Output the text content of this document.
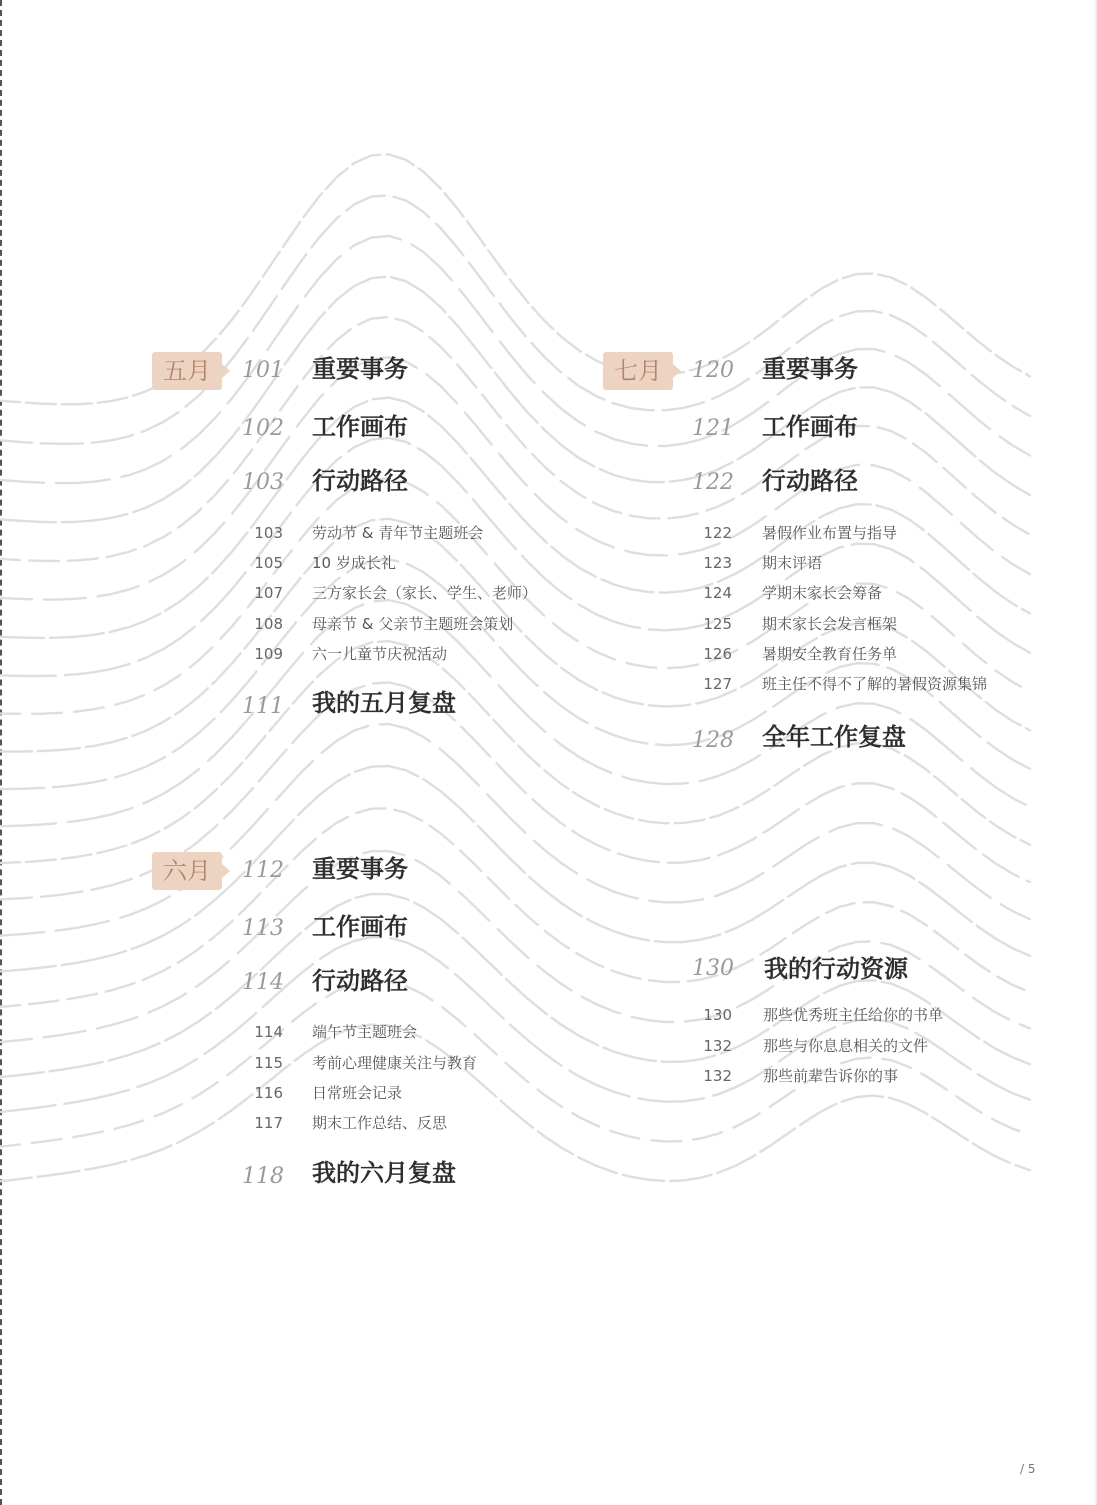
五月	101 重要事务
102 工作画布
103 行动路径
103 劳动节 & 青年节主题班会
105 10 岁成长礼
107 三方家长会（家长、学生、老师）
108 母亲节 & 父亲节主题班会策划
109 六一儿童节庆祝活动
111 我的五月复盘
六月	112 重要事务
113 工作画布
114 行动路径
114 端午节主题班会
115 考前心理健康关注与教育
116 日常班会记录
117 期末工作总结、反思
118 我的六月复盘
七月	120 重要事务
121 工作画布
122 行动路径
122 暑假作业布置与指导
123 期末评语
124 学期末家长会筹备
125 期末家长会发言框架
126 暑期安全教育任务单
127 班主任不得不了解的暑假资源集锦
128 全年工作复盘
130 我的行动资源
130 那些优秀班主任给你的书单
132 那些与你息息相关的文件
132 那些前辈告诉你的事
/ 5
